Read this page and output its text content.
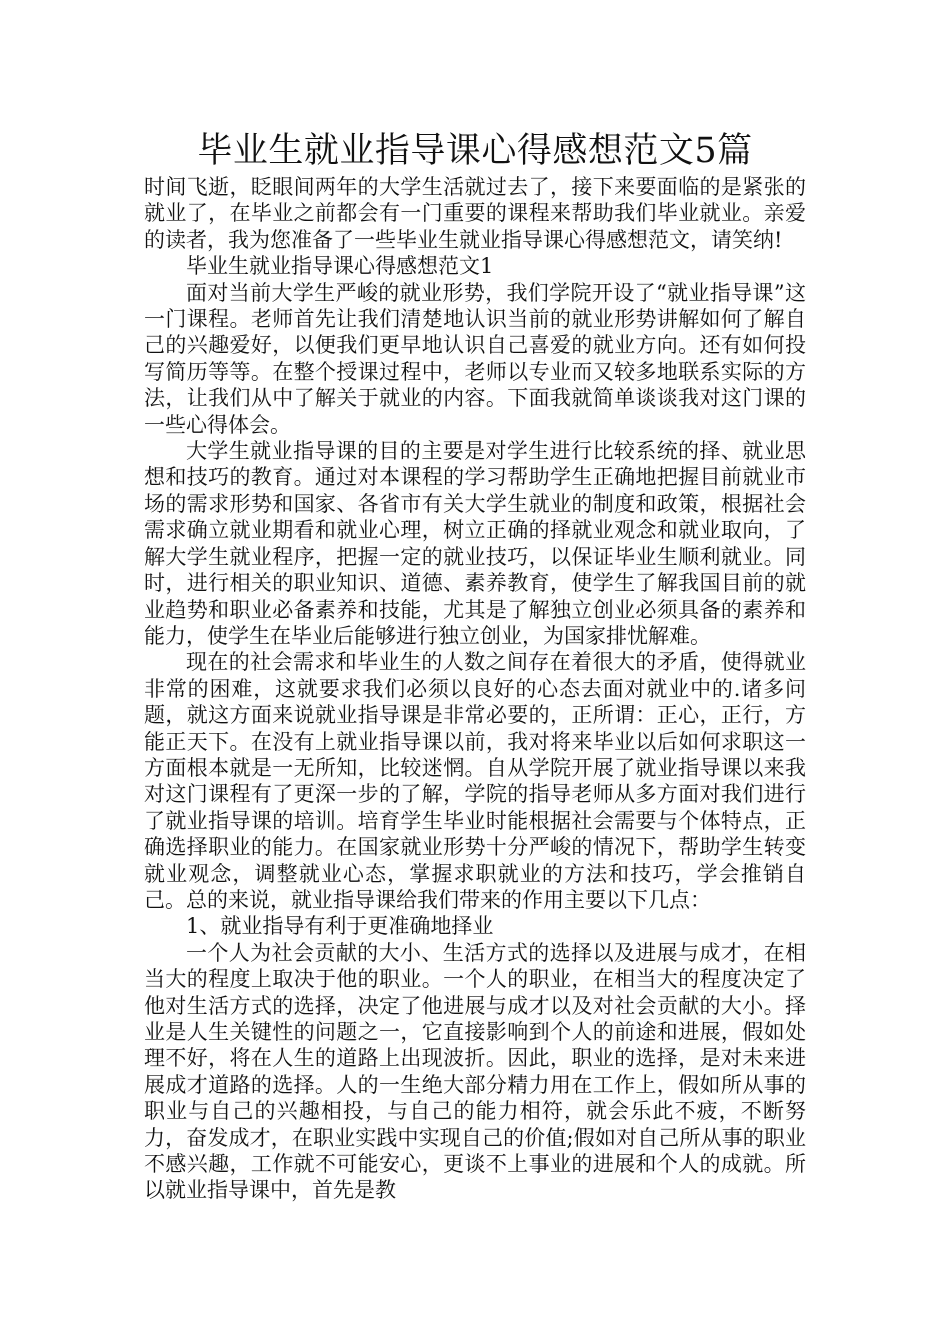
毕业生就业指导课心得感想范文5篇

时间飞逝，眨眼间两年的大学生活就过去了，接下来要面临的是紧张的就业了，在毕业之前都会有一门重要的课程来帮助我们毕业就业。亲爱的读者，我为您准备了一些毕业生就业指导课心得感想范文，请笑纳!

毕业生就业指导课心得感想范文1

面对当前大学生严峻的就业形势，我们学院开设了“就业指导课”这一门课程。老师首先让我们清楚地认识当前的就业形势讲解如何了解自己的兴趣爱好，以便我们更早地认识自己喜爱的就业方向。还有如何投写简历等等。在整个授课过程中，老师以专业而又较多地联系实际的方法，让我们从中了解关于就业的内容。下面我就简单谈谈我对这门课的一些心得体会。

大学生就业指导课的目的主要是对学生进行比较系统的择、就业思想和技巧的教育。通过对本课程的学习帮助学生正确地把握目前就业市场的需求形势和国家、各省市有关大学生就业的制度和政策，根据社会需求确立就业期看和就业心理，树立正确的择就业观念和就业取向，了解大学生就业程序，把握一定的就业技巧，以保证毕业生顺利就业。同时，进行相关的职业知识、道德、素养教育，使学生了解我国目前的就业趋势和职业必备素养和技能，尤其是了解独立创业必须具备的素养和能力，使学生在毕业后能够进行独立创业，为国家排忧解难。

现在的社会需求和毕业生的人数之间存在着很大的矛盾，使得就业非常的困难，这就要求我们必须以良好的心态去面对就业中的.诸多问题，就这方面来说就业指导课是非常必要的，正所谓：正心，正行，方能正天下。在没有上就业指导课以前，我对将来毕业以后如何求职这一方面根本就是一无所知，比较迷惘。自从学院开展了就业指导课以来我对这门课程有了更深一步的了解，学院的指导老师从多方面对我们进行了就业指导课的培训。培育学生毕业时能根据社会需要与个体特点，正确选择职业的能力。在国家就业形势十分严峻的情况下，帮助学生转变就业观念，调整就业心态，掌握求职就业的方法和技巧，学会推销自己。总的来说，就业指导课给我们带来的作用主要以下几点：

1、就业指导有利于更准确地择业

一个人为社会贡献的大小、生活方式的选择以及进展与成才，在相当大的程度上取决于他的职业。一个人的职业，在相当大的程度决定了他对生活方式的选择，决定了他进展与成才以及对社会贡献的大小。择业是人生关键性的问题之一，它直接影响到个人的前途和进展，假如处理不好，将在人生的道路上出现波折。因此，职业的选择，是对未来进展成才道路的选择。人的一生绝大部分精力用在工作上，假如所从事的职业与自己的兴趣相投，与自己的能力相符，就会乐此不疲，不断努力，奋发成才，在职业实践中实现自己的价值;假如对自己所从事的职业不感兴趣，工作就不可能安心，更谈不上事业的进展和个人的成就。所以就业指导课中，首先是教
